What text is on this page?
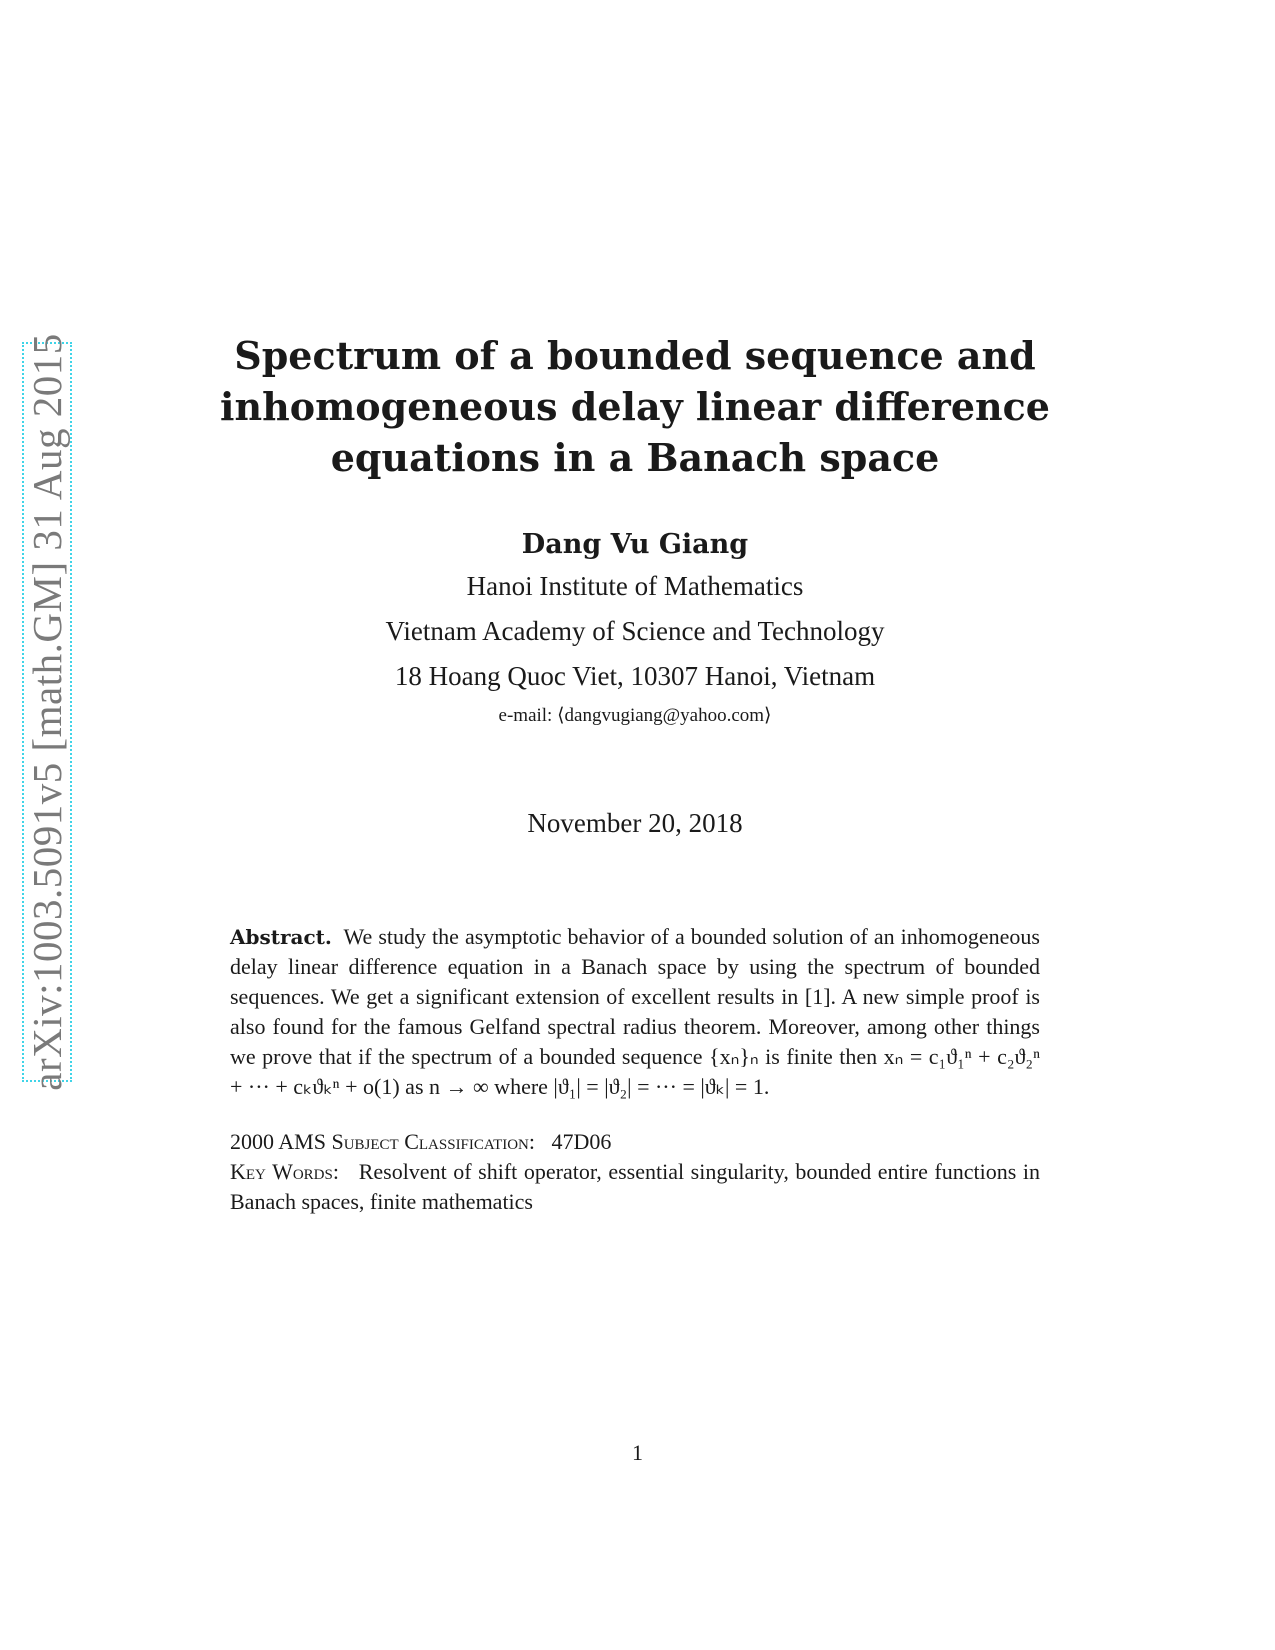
arXiv:1003.5091v5 [math.GM] 31 Aug 2015	Spectrum of a bounded sequence and
inhomogeneous delay linear difference
equations in a Banach space
Dang Vu Giang
Hanoi Institute of Mathematics
Vietnam Academy of Science and Technology
18 Hoang Quoc Viet, 10307 Hanoi, Vietnam
e-mail: ⟨dangvugiang@yahoo.com⟩
November 20, 2018

Abstract. We study the asymptotic behavior of a bounded solution of an inhomogeneous delay linear difference equation in a Banach space by using the spectrum of bounded sequences. We get a significant extension of excellent results in [1]. A new simple proof is also found for the famous Gelfand spectral radius theorem. Moreover, among other things we prove that if the spectrum of a bounded sequence {xₙ}ₙ is finite then xₙ = c₁ϑ₁ⁿ + c₂ϑ₂ⁿ + ··· + cₖϑₖⁿ + o(1) as n → ∞ where |ϑ₁| = |ϑ₂| = ··· = |ϑₖ| = 1.

2000 AMS Subject Classification: 47D06
Key Words: Resolvent of shift operator, essential singularity, bounded entire functions in Banach spaces, finite mathematics
1
